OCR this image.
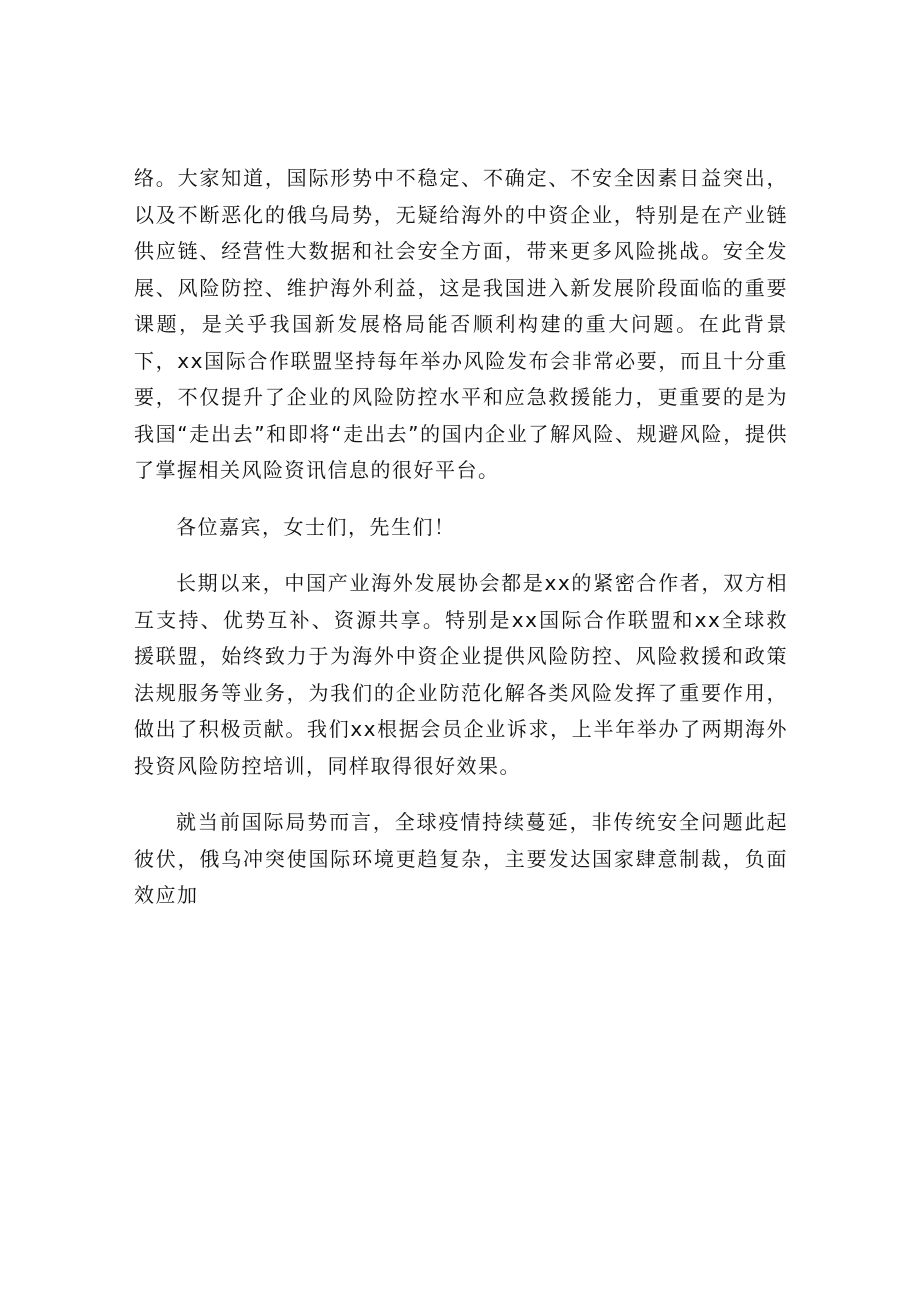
络。大家知道，国际形势中不稳定、不确定、不安全因素日益突出，以及不断恶化的俄乌局势，无疑给海外的中资企业，特别是在产业链供应链、经营性大数据和社会安全方面，带来更多风险挑战。安全发展、风险防控、维护海外利益，这是我国进入新发展阶段面临的重要课题，是关乎我国新发展格局能否顺利构建的重大问题。在此背景下，xx国际合作联盟坚持每年举办风险发布会非常必要，而且十分重要，不仅提升了企业的风险防控水平和应急救援能力，更重要的是为我国“走出去”和即将“走出去”的国内企业了解风险、规避风险，提供了掌握相关风险资讯信息的很好平台。

各位嘉宾，女士们，先生们！

长期以来，中国产业海外发展协会都是xx的紧密合作者，双方相互支持、优势互补、资源共享。特别是xx国际合作联盟和xx全球救援联盟，始终致力于为海外中资企业提供风险防控、风险救援和政策法规服务等业务，为我们的企业防范化解各类风险发挥了重要作用，做出了积极贡献。我们xx根据会员企业诉求，上半年举办了两期海外投资风险防控培训，同样取得很好效果。

就当前国际局势而言，全球疫情持续蔓延，非传统安全问题此起彼伏，俄乌冲突使国际环境更趋复杂，主要发达国家肆意制裁，负面效应加
